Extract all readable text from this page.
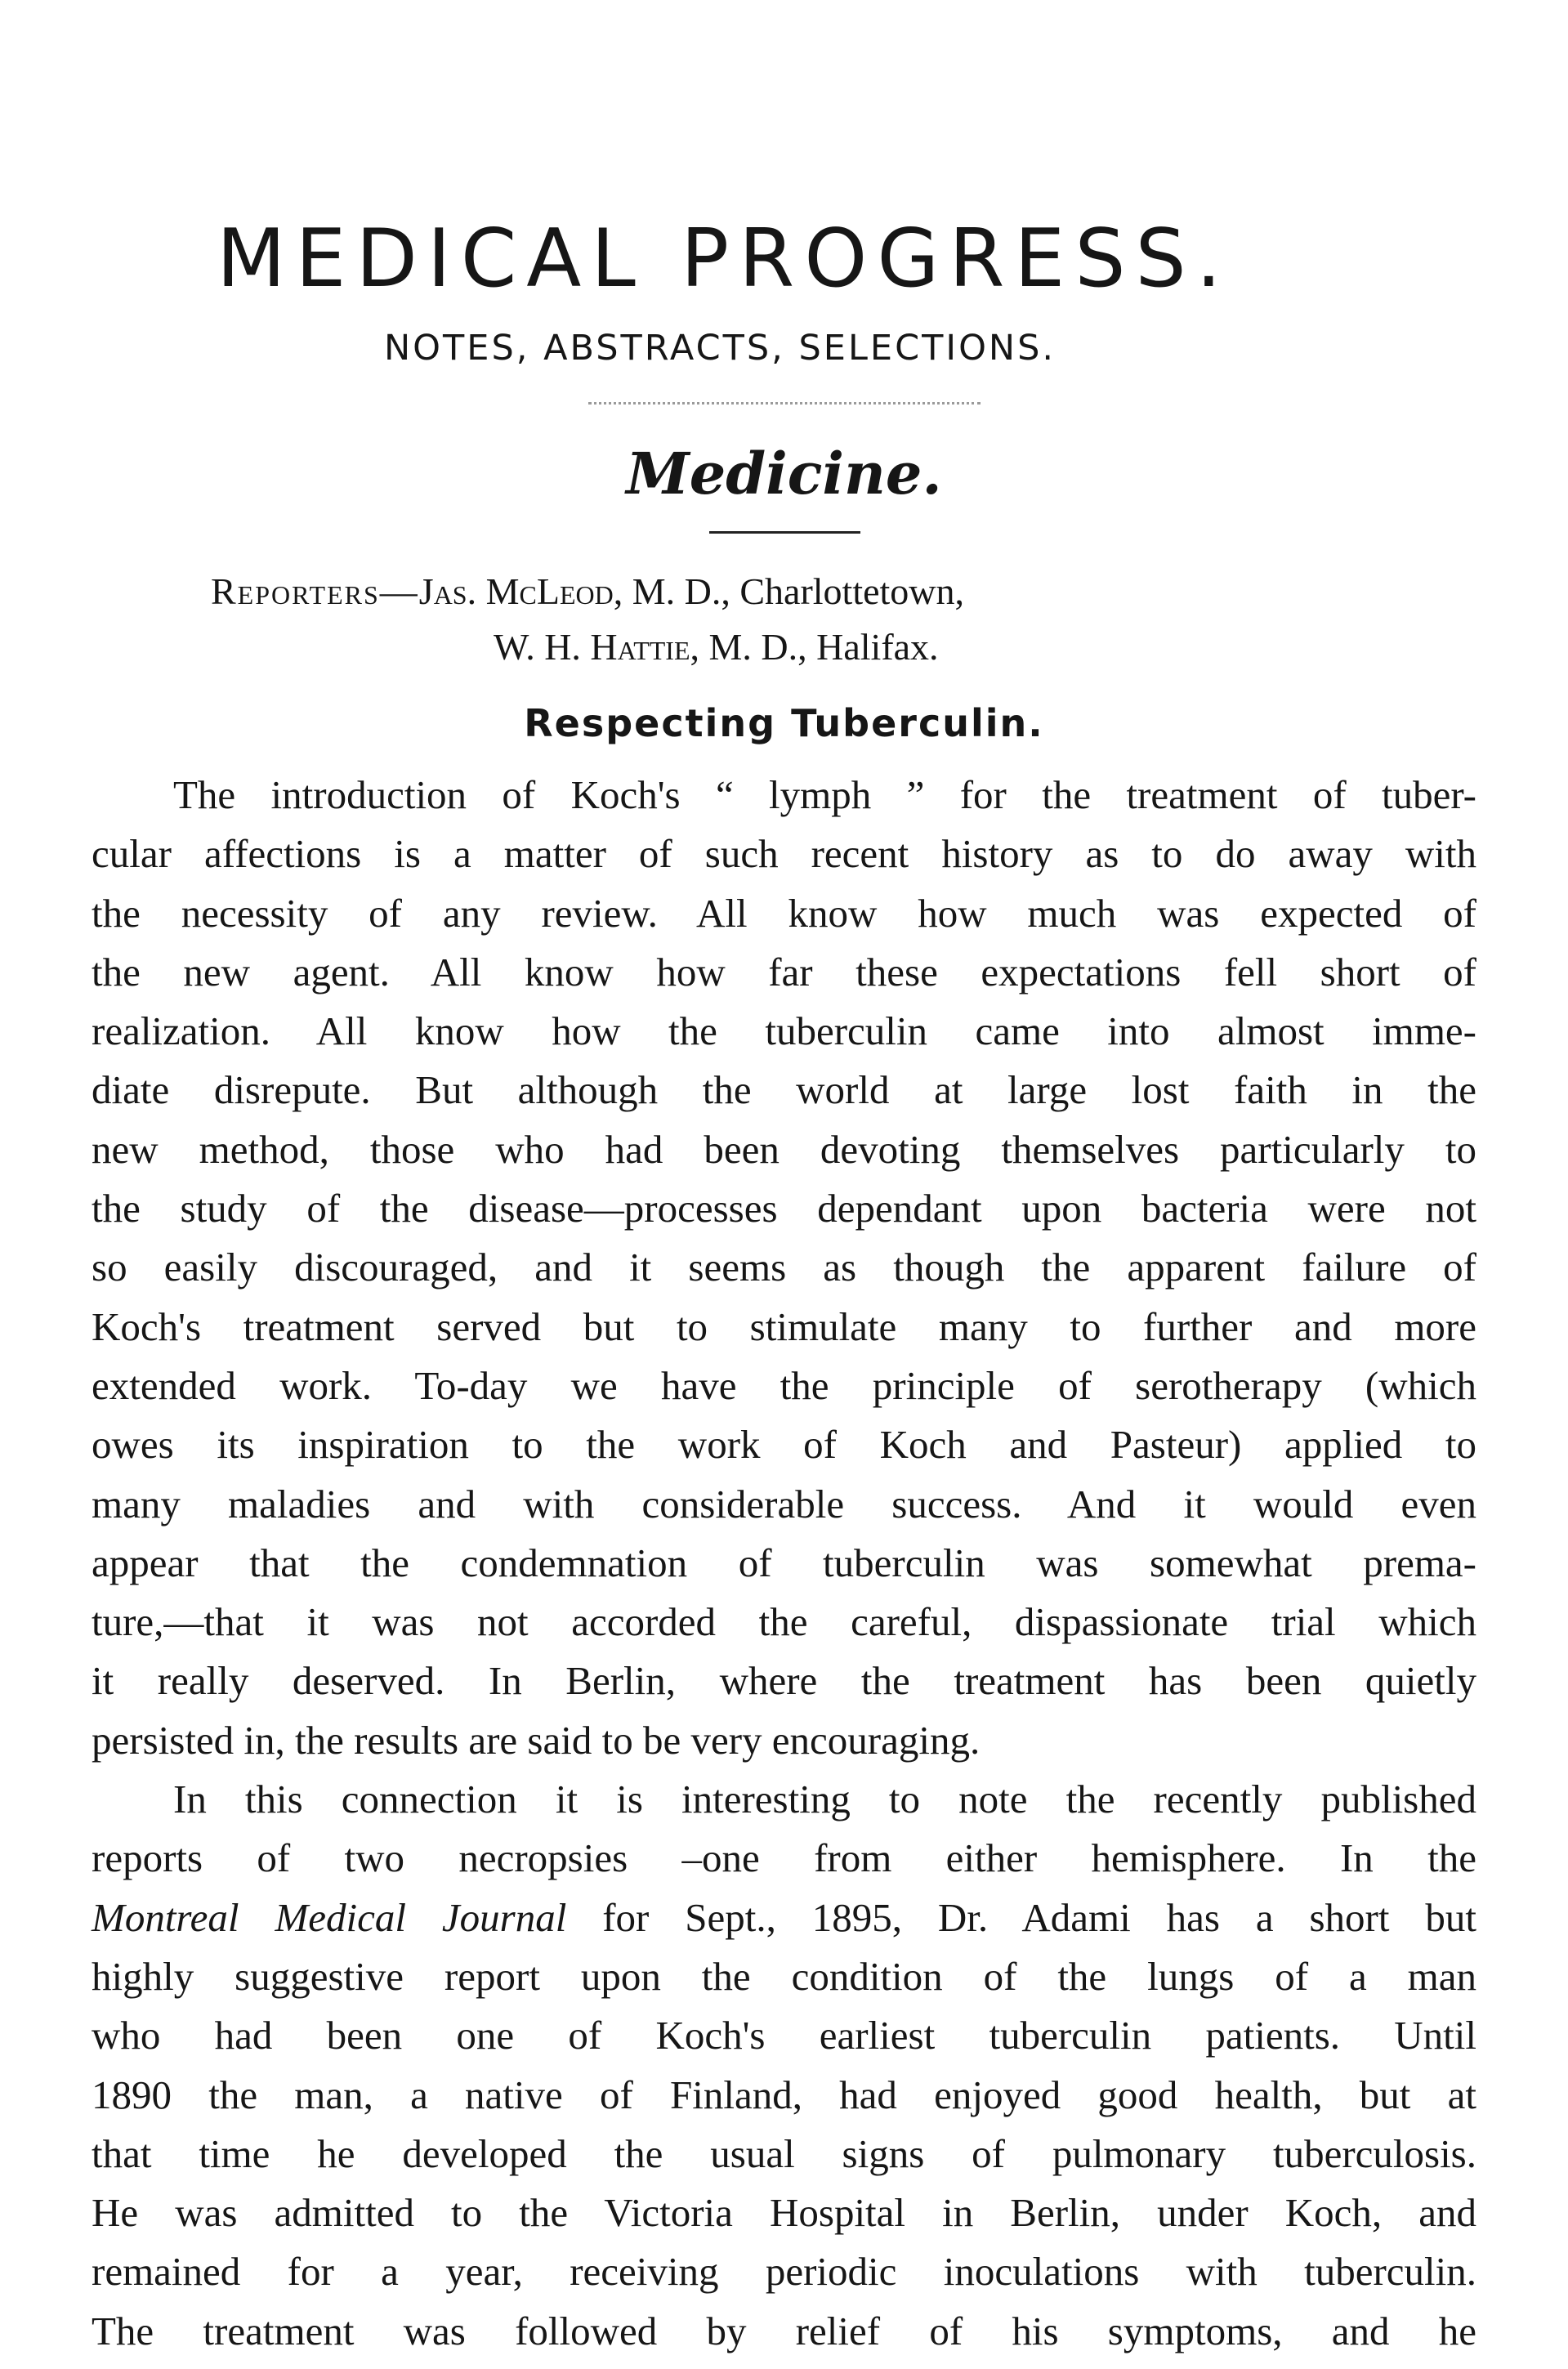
MEDICAL PROGRESS.
NOTES, ABSTRACTS, SELECTIONS.
Medicine.
Reporters—Jas. McLeod, M. D., Charlottetown,
W. H. Hattie, M. D., Halifax.
Respecting Tuberculin.
The introduction of Koch's “ lymph ” for the treatment of tuber-
cular affections is a matter of such recent history as to do away with
the necessity of any review. All know how much was expected of
the new agent. All know how far these expectations fell short of
realization. All know how the tuberculin came into almost imme-
diate disrepute. But although the world at large lost faith in the
new method, those who had been devoting themselves particularly to
the study of the disease—processes dependant upon bacteria were not
so easily discouraged, and it seems as though the apparent failure of
Koch's treatment served but to stimulate many to further and more
extended work. To-day we have the principle of serotherapy (which
owes its inspiration to the work of Koch and Pasteur) applied to
many maladies and with considerable success. And it would even
appear that the condemnation of tuberculin was somewhat prema-
ture,—that it was not accorded the careful, dispassionate trial which
it really deserved. In Berlin, where the treatment has been quietly
persisted in, the results are said to be very encouraging.
In this connection it is interesting to note the recently published
reports of two necropsies –one from either hemisphere. In the
Montreal Medical Journal for Sept., 1895, Dr. Adami has a short but
highly suggestive report upon the condition of the lungs of a man
who had been one of Koch's earliest tuberculin patients. Until
1890 the man, a native of Finland, had enjoyed good health, but at
that time he developed the usual signs of pulmonary tuberculosis.
He was admitted to the Victoria Hospital in Berlin, under Koch, and
remained for a year, receiving periodic inoculations with tuberculin.
The treatment was followed by relief of his symptoms, and he
